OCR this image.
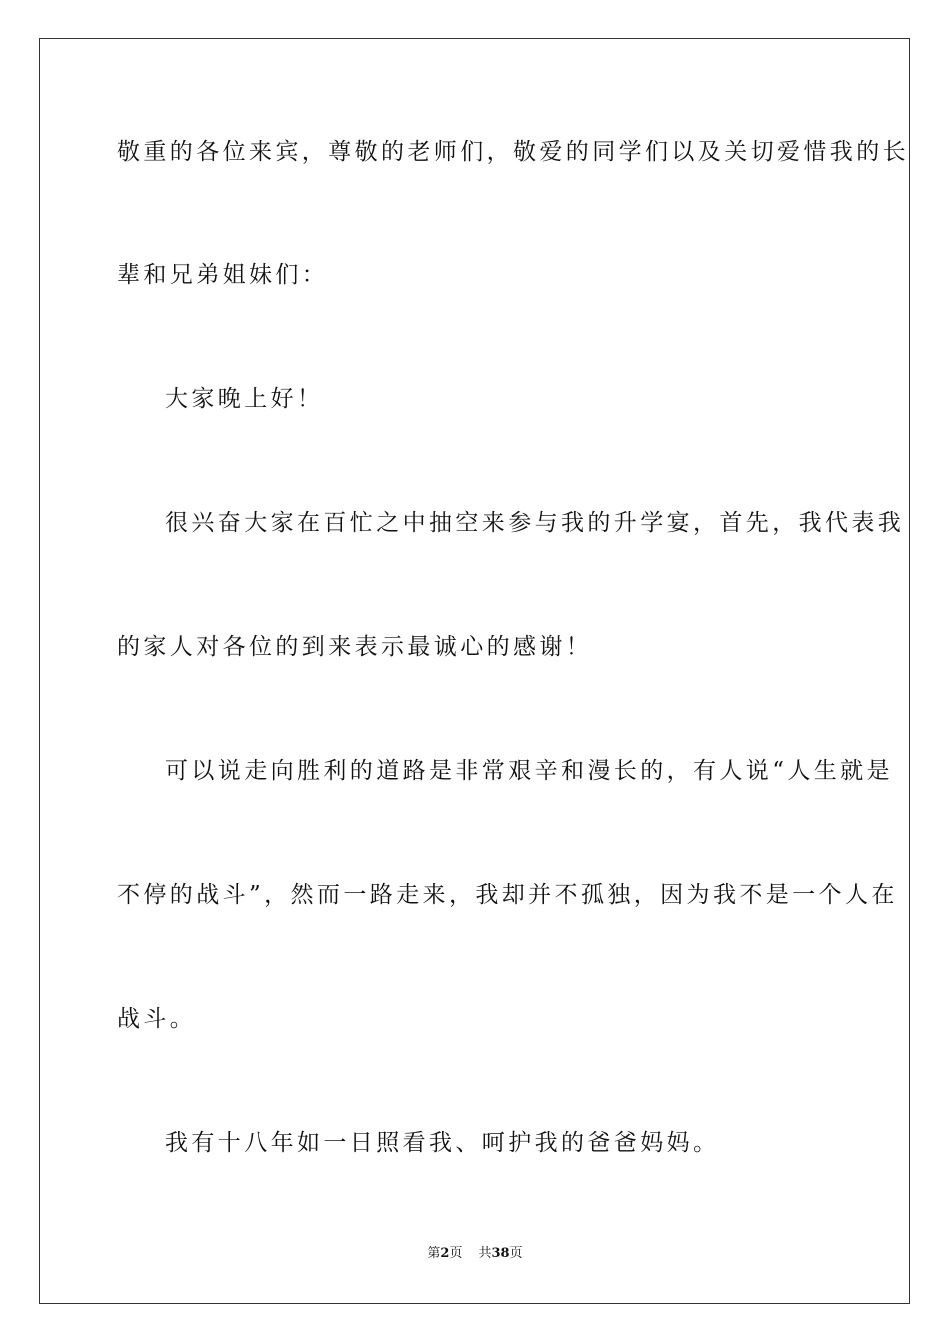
敬重的各位来宾，尊敬的老师们，敬爱的同学们以及关切爱惜我的长
辈和兄弟姐妹们：
大家晚上好！
很兴奋大家在百忙之中抽空来参与我的升学宴，首先，我代表我
的家人对各位的到来表示最诚心的感谢！
可以说走向胜利的道路是非常艰辛和漫长的，有人说“人生就是
不停的战斗”，然而一路走来，我却并不孤独，因为我不是一个人在
战斗。
我有十八年如一日照看我、呵护我的爸爸妈妈。
第2页 共38页
